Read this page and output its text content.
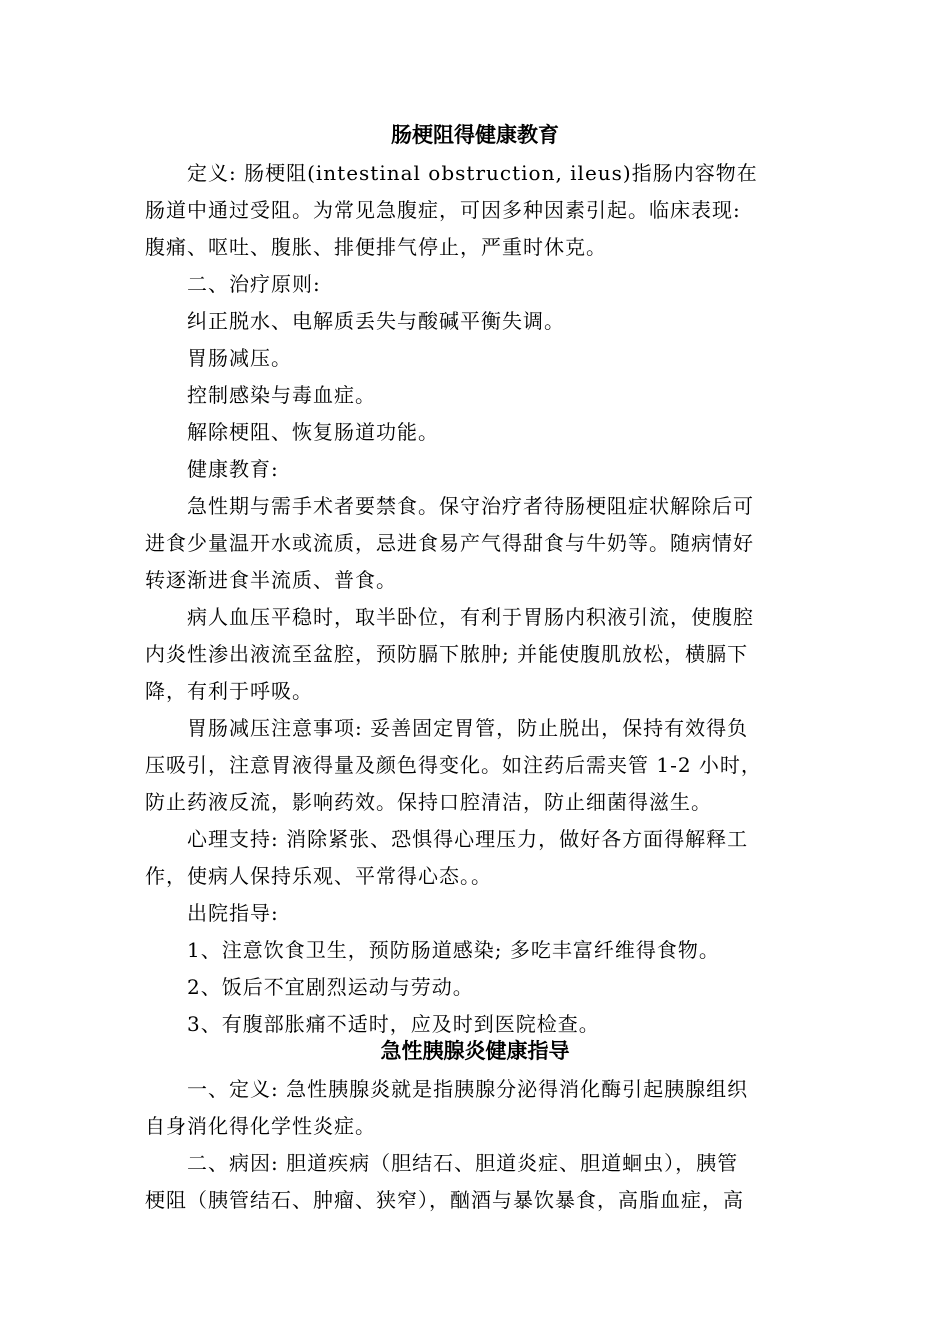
肠梗阻得健康教育
　　定义: 肠梗阻(intestinal obstruction, ileus)指肠内容物在
肠道中通过受阻。为常见急腹症，可因多种因素引起。临床表现:
腹痛、呕吐、腹胀、排便排气停止，严重时休克。
　　二、治疗原则:
　　纠正脱水、电解质丢失与酸碱平衡失调。
　　胃肠减压。
　　控制感染与毒血症。
　　解除梗阻、恢复肠道功能。
　　健康教育:
　　急性期与需手术者要禁食。保守治疗者待肠梗阻症状解除后可
进食少量温开水或流质，忌进食易产气得甜食与牛奶等。随病情好
转逐渐进食半流质、普食。
　　病人血压平稳时，取半卧位，有利于胃肠内积液引流，使腹腔
内炎性渗出液流至盆腔，预防膈下脓肿; 并能使腹肌放松，横膈下
降，有利于呼吸。
　　胃肠减压注意事项: 妥善固定胃管，防止脱出，保持有效得负
压吸引，注意胃液得量及颜色得变化。如注药后需夹管 1-2 小时，
防止药液反流，影响药效。保持口腔清洁，防止细菌得滋生。
　　心理支持: 消除紧张、恐惧得心理压力，做好各方面得解释工
作，使病人保持乐观、平常得心态。。
　　出院指导:
　　1、注意饮食卫生，预防肠道感染; 多吃丰富纤维得食物。
　　2、饭后不宜剧烈运动与劳动。
　　3、有腹部胀痛不适时，应及时到医院检查。
急性胰腺炎健康指导
　　一、定义: 急性胰腺炎就是指胰腺分泌得消化酶引起胰腺组织
自身消化得化学性炎症。
　　二、病因: 胆道疾病（胆结石、胆道炎症、胆道蛔虫），胰管
梗阻（胰管结石、肿瘤、狭窄），酗酒与暴饮暴食，高脂血症，高
